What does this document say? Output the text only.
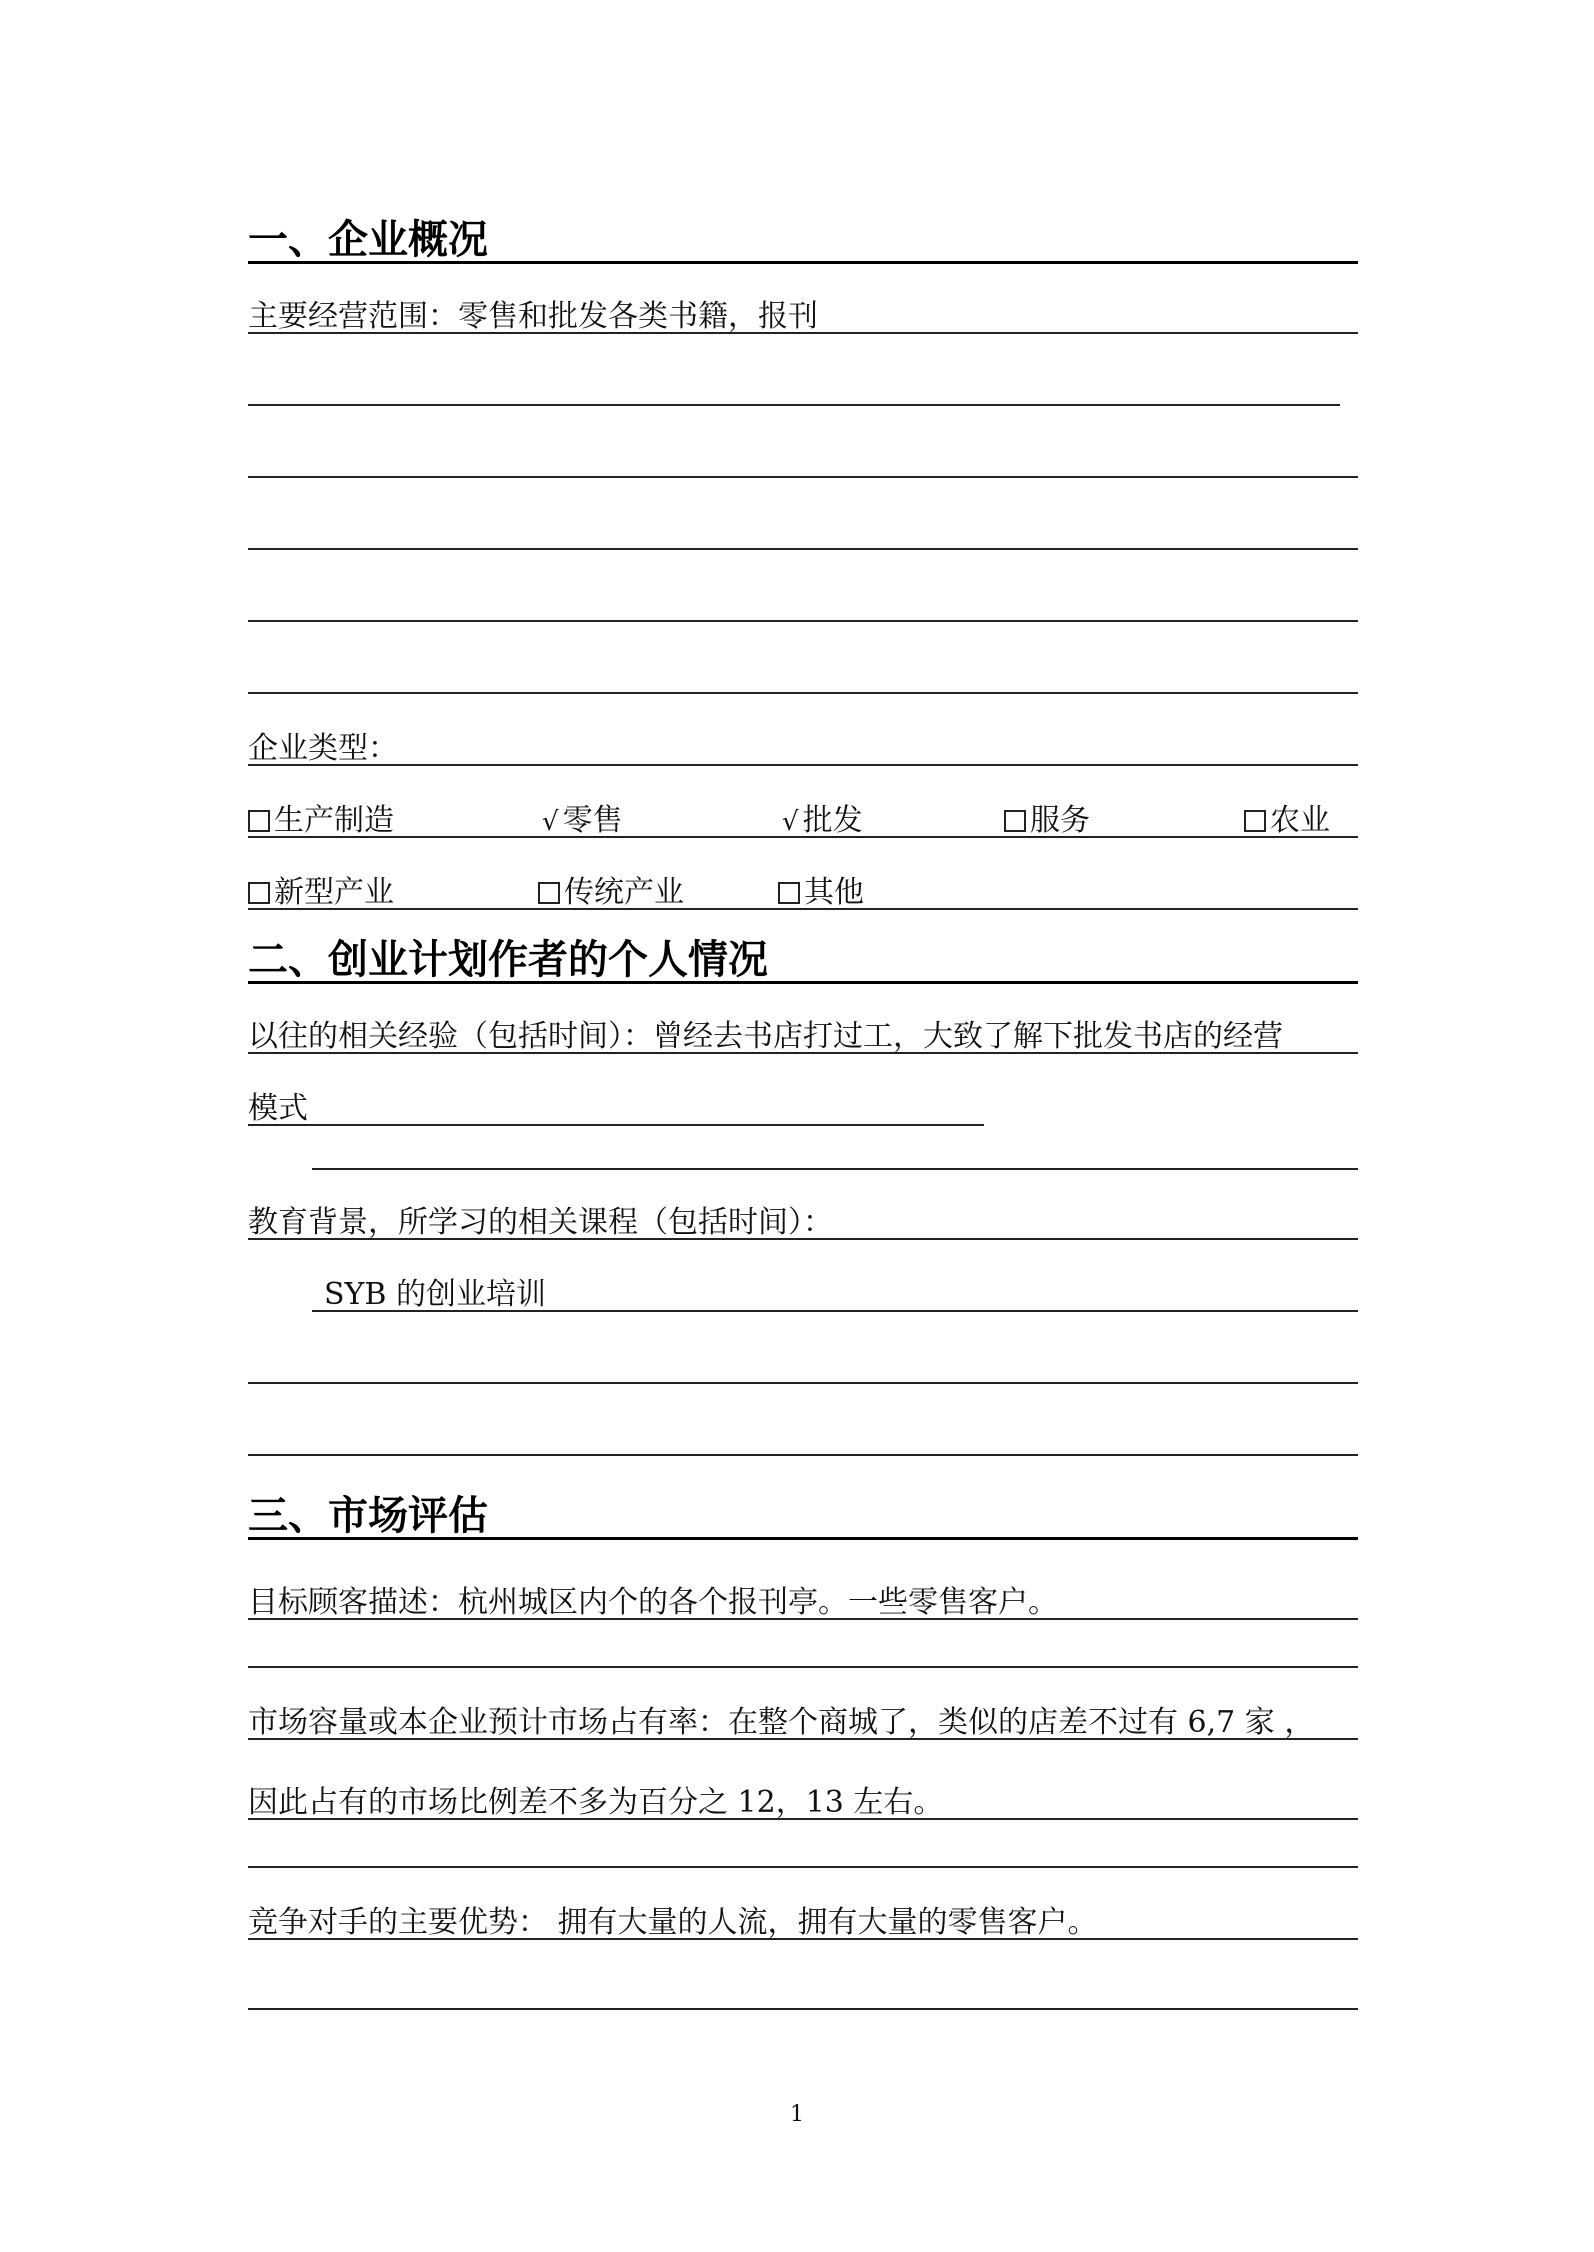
一、企业概况
主要经营范围：零售和批发各类书籍，报刊
企业类型：
生产制造	√ 零售	√ 批发	服务	农业
新型产业	传统产业	其他
二、创业计划作者的个人情况
以往的相关经验（包括时间）：曾经去书店打过工，大致了解下批发书店的经营
模式
教育背景，所学习的相关课程（包括时间）：
SYB 的创业培训
三、市场评估
目标顾客描述：杭州城区内个的各个报刊亭。一些零售客户。
市场容量或本企业预计市场占有率：在整个商城了，类似的店差不过有 6,7 家 ，
因此占有的市场比例差不多为百分之 12，13 左右。
竞争对手的主要优势： 拥有大量的人流，拥有大量的零售客户。
1
